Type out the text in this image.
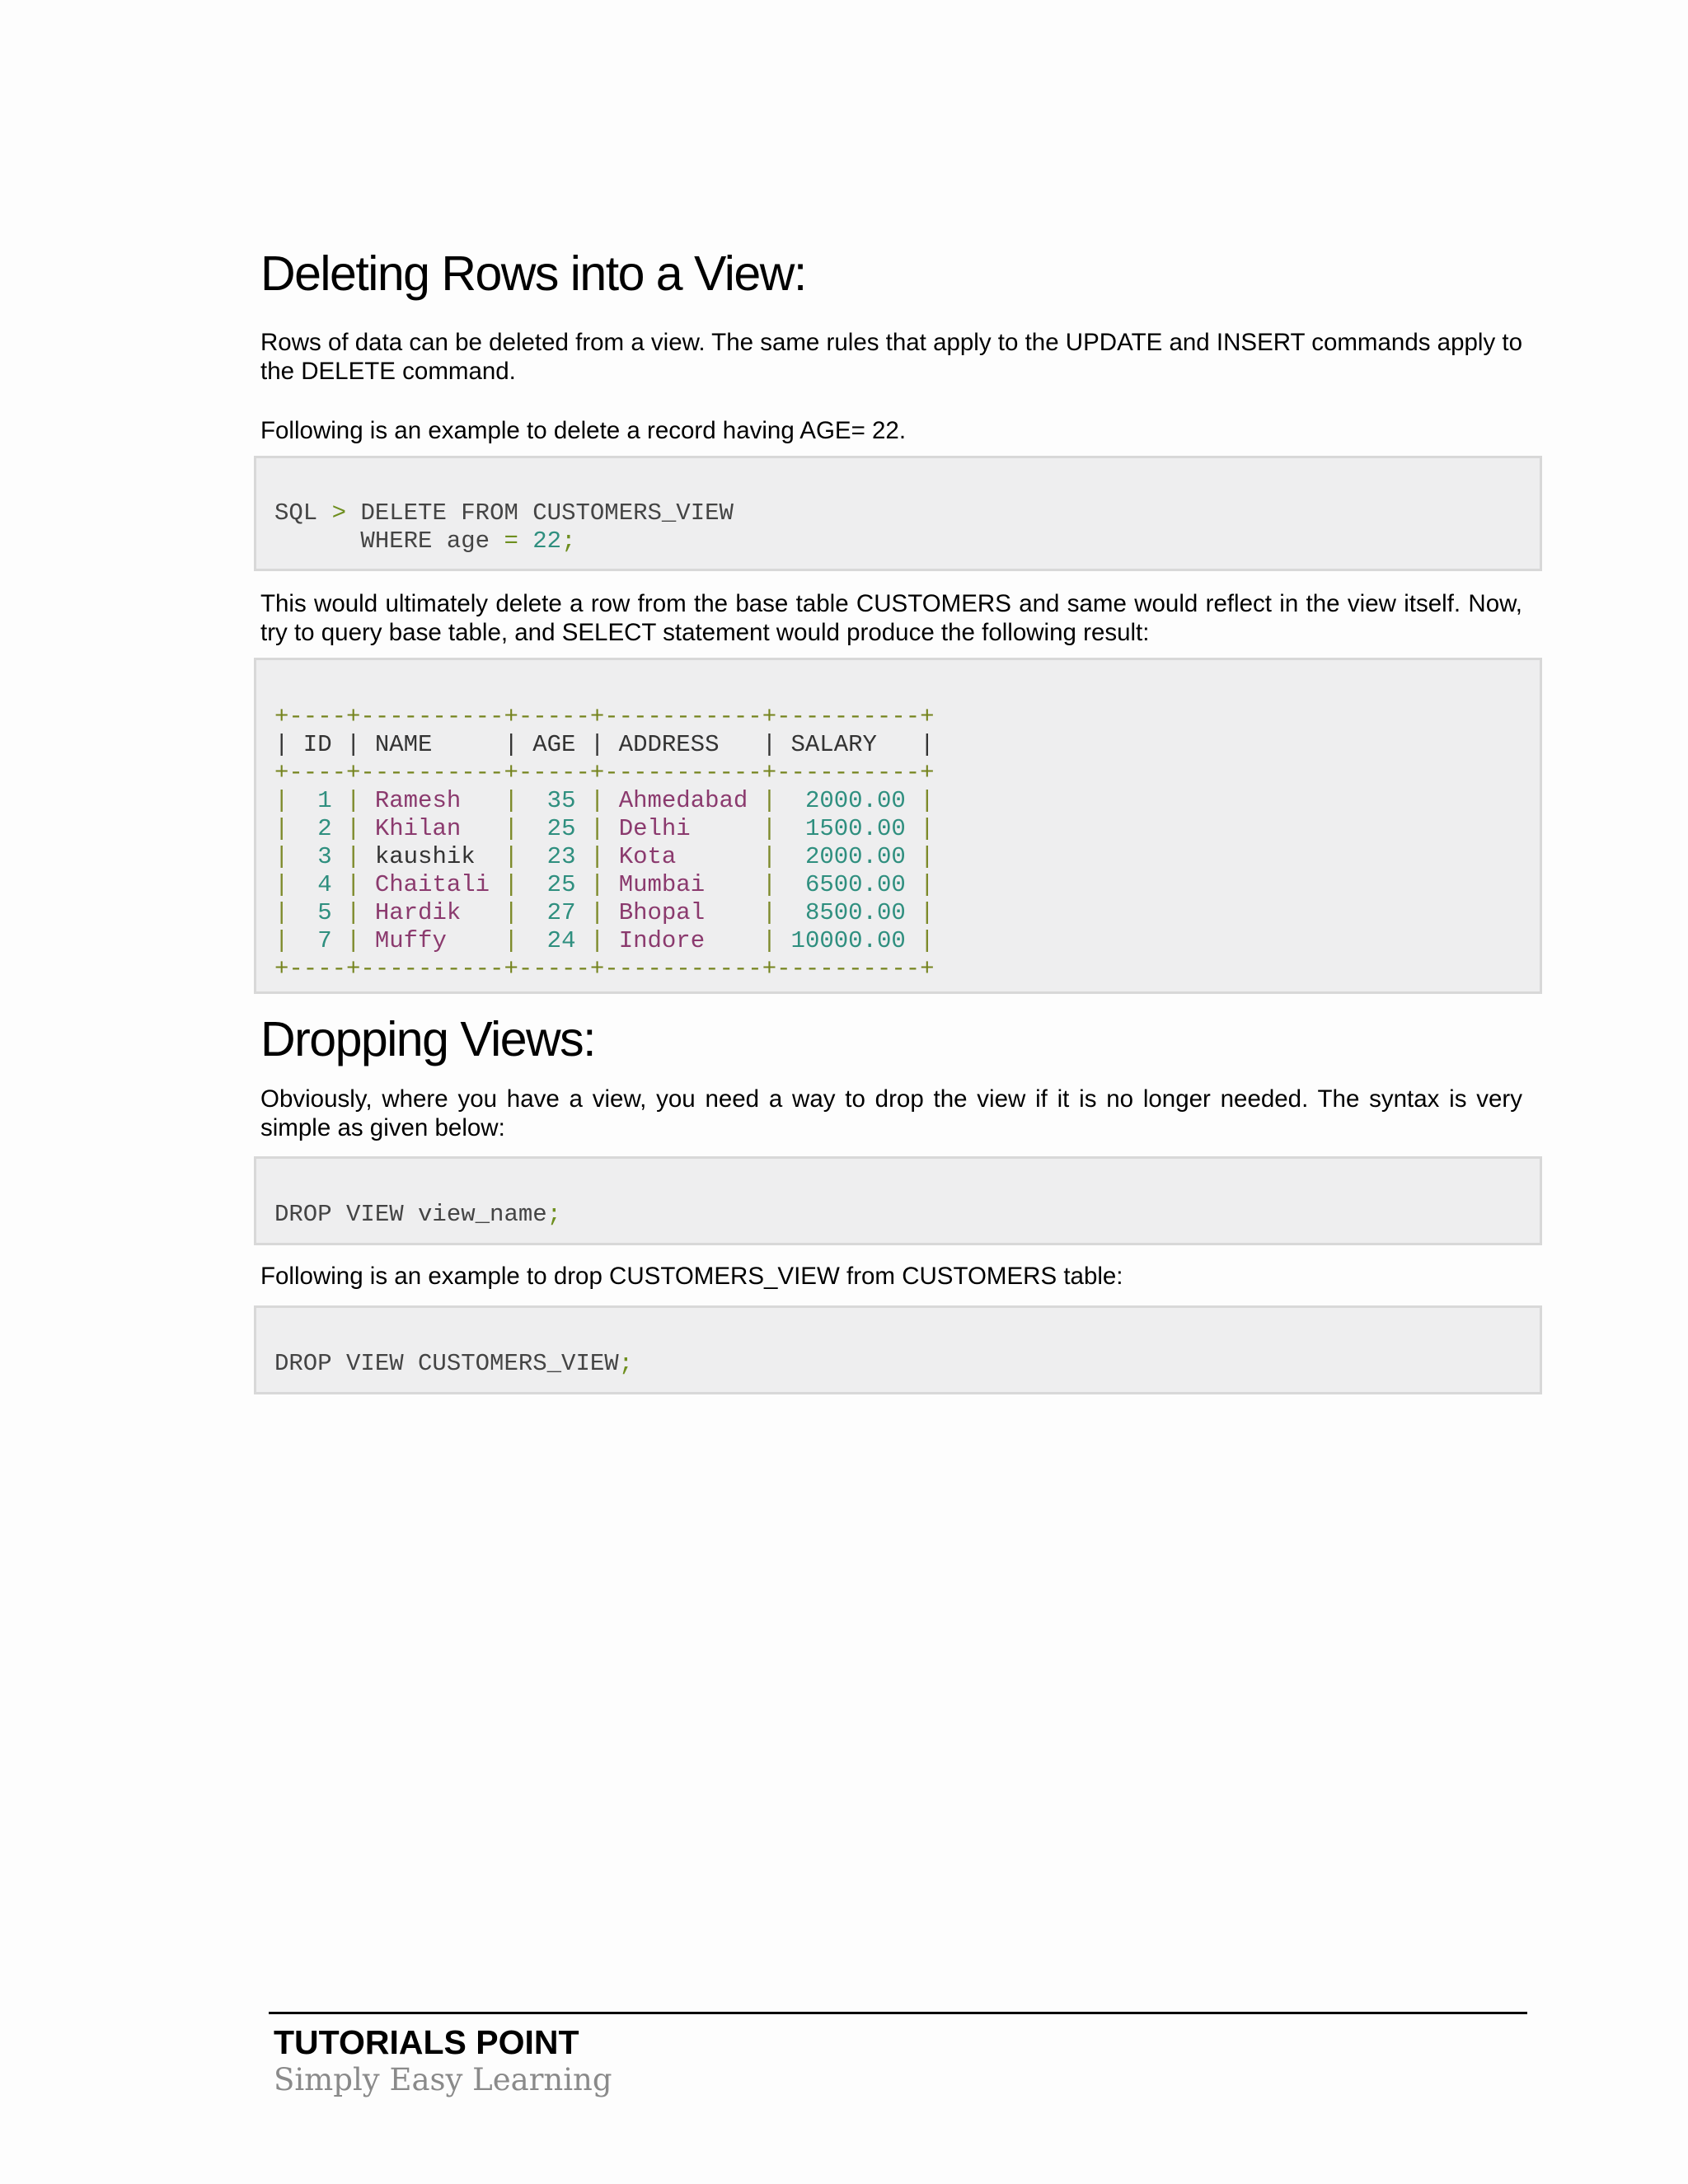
Deleting Rows into a View:

Rows of data can be deleted from a view. The same rules that apply to the UPDATE and INSERT commands apply to the DELETE command.

Following is an example to delete a record having AGE= 22.

SQL > DELETE FROM CUSTOMERS_VIEW
WHERE age = 22;

This would ultimately delete a row from the base table CUSTOMERS and same would reflect in the view itself. Now, try to query base table, and SELECT statement would produce the following result:

+----+----------+-----+-----------+----------+
| ID | NAME     | AGE | ADDRESS   | SALARY   |
+----+----------+-----+-----------+----------+
|  1 | Ramesh   |  35 | Ahmedabad |  2000.00 |
|  2 | Khilan   |  25 | Delhi     |  1500.00 |
|  3 | kaushik  |  23 | Kota      |  2000.00 |
|  4 | Chaitali |  25 | Mumbai    |  6500.00 |
|  5 | Hardik   |  27 | Bhopal    |  8500.00 |
|  7 | Muffy    |  24 | Indore    | 10000.00 |
+----+----------+-----+-----------+----------+
Dropping Views:

Obviously, where you have a view, you need a way to drop the view if it is no longer needed. The syntax is very simple as given below:

DROP VIEW view_name;

Following is an example to drop CUSTOMERS_VIEW from CUSTOMERS table:

DROP VIEW CUSTOMERS_VIEW;
TUTORIALS POINT
Simply Easy Learning
